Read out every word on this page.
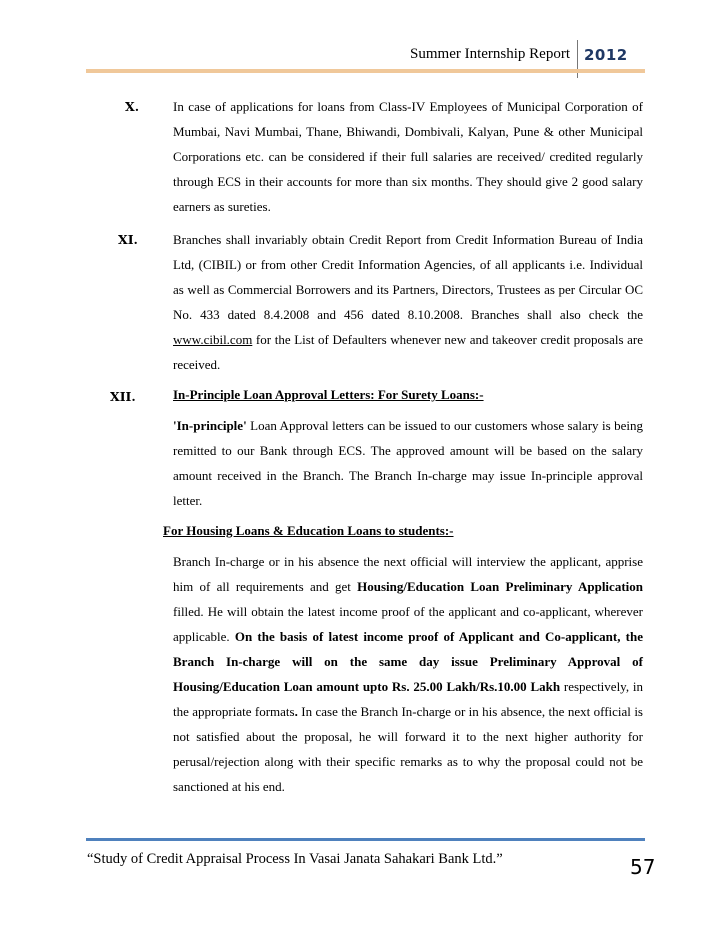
Summer Internship Report 2012
X.	In case of applications for loans from Class-IV Employees of Municipal Corporation of Mumbai, Navi Mumbai, Thane, Bhiwandi, Dombivali, Kalyan, Pune & other Municipal Corporations etc. can be considered if their full salaries are received/ credited regularly through ECS in their accounts for more than six months. They should give 2 good salary earners as sureties.
XI.	Branches shall invariably obtain Credit Report from Credit Information Bureau of India Ltd, (CIBIL) or from other Credit Information Agencies, of all applicants i.e. Individual as well as Commercial Borrowers and its Partners, Directors, Trustees as per Circular OC No. 433 dated 8.4.2008 and 456 dated 8.10.2008. Branches shall also check the www.cibil.com for the List of Defaulters whenever new and takeover credit proposals are received.
XII.	In-Principle Loan Approval Letters: For Surety Loans:-
'In-principle' Loan Approval letters can be issued to our customers whose salary is being remitted to our Bank through ECS. The approved amount will be based on the salary amount received in the Branch. The Branch In-charge may issue In-principle approval letter.
For Housing Loans & Education Loans to students:-
Branch In-charge or in his absence the next official will interview the applicant, apprise him of all requirements and get Housing/Education Loan Preliminary Application filled. He will obtain the latest income proof of the applicant and co-applicant, wherever applicable. On the basis of latest income proof of Applicant and Co-applicant, the Branch In-charge will on the same day issue Preliminary Approval of Housing/Education Loan amount upto Rs. 25.00 Lakh/Rs.10.00 Lakh respectively, in the appropriate formats. In case the Branch In-charge or in his absence, the next official is not satisfied about the proposal, he will forward it to the next higher authority for perusal/rejection along with their specific remarks as to why the proposal could not be sanctioned at his end.
“Study of Credit Appraisal Process In Vasai Janata Sahakari Bank Ltd.”	57
